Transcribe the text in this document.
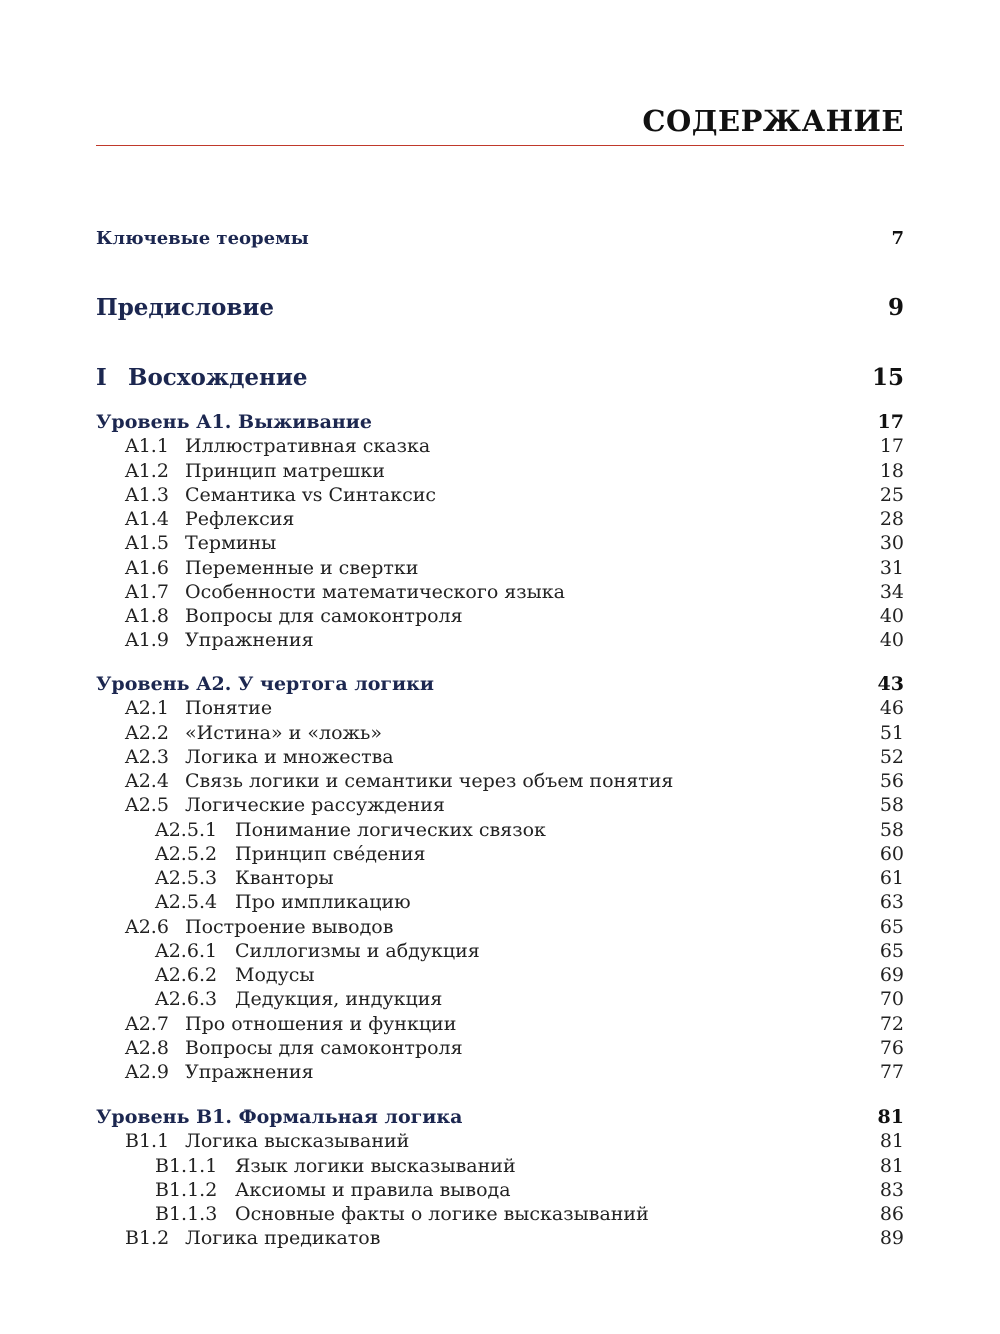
СОДЕРЖАНИЕ
Ключевые теоремы	7
Предисловие	9
I Восхождение	15
Уровень А1. Выживание	17
A1.1 Иллюстративная сказка	17
A1.2 Принцип матрешки	18
A1.3 Семантика vs Синтаксис	25
A1.4 Рефлексия	28
A1.5 Термины	30
A1.6 Переменные и свертки	31
A1.7 Особенности математического языка	34
A1.8 Вопросы для самоконтроля	40
A1.9 Упражнения	40
Уровень А2. У чертога логики	43
A2.1 Понятие	46
A2.2 «Истина» и «ложь»	51
A2.3 Логика и множества	52
A2.4 Связь логики и семантики через объем понятия	56
A2.5 Логические рассуждения	58
A2.5.1 Понимание логических связок	58
A2.5.2 Принцип све́дения	60
A2.5.3 Кванторы	61
A2.5.4 Про импликацию	63
A2.6 Построение выводов	65
A2.6.1 Силлогизмы и абдукция	65
A2.6.2 Модусы	69
A2.6.3 Дедукция, индукция	70
A2.7 Про отношения и функции	72
A2.8 Вопросы для самоконтроля	76
A2.9 Упражнения	77
Уровень B1. Формальная логика	81
B1.1 Логика высказываний	81
B1.1.1 Язык логики высказываний	81
B1.1.2 Аксиомы и правила вывода	83
B1.1.3 Основные факты о логике высказываний	86
B1.2 Логика предикатов	89
